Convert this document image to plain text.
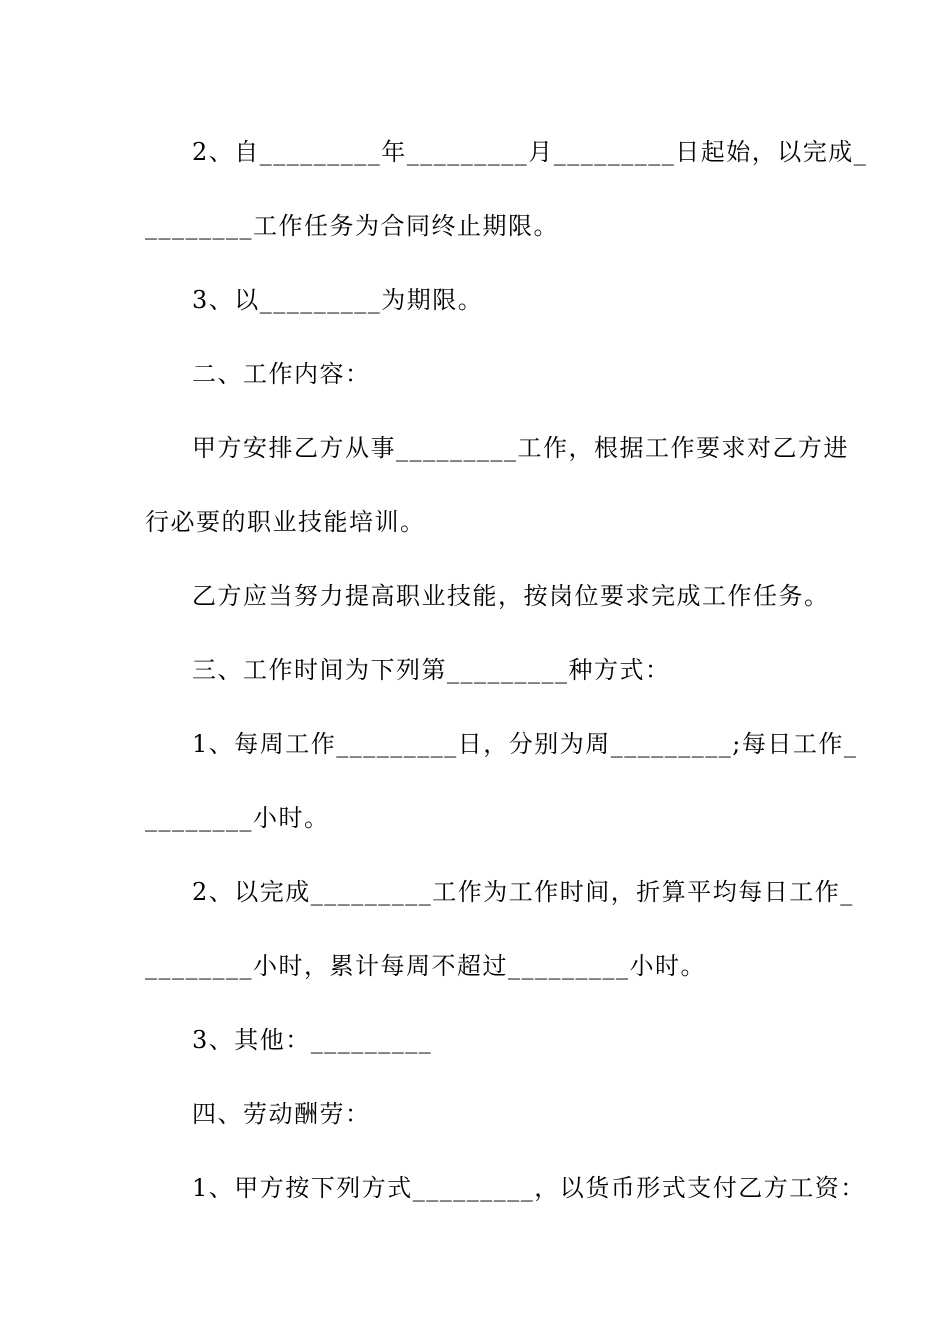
2、自_________年_________月_________日起始，以完成_
________工作任务为合同终止期限。
3、以_________为期限。
二、工作内容：
甲方安排乙方从事_________工作，根据工作要求对乙方进
行必要的职业技能培训。
乙方应当努力提高职业技能，按岗位要求完成工作任务。
三、工作时间为下列第_________种方式：
1、每周工作_________日，分别为周_________;每日工作_
________小时。
2、以完成_________工作为工作时间，折算平均每日工作_
________小时，累计每周不超过_________小时。
3、其他：_________
四、劳动酬劳：
1、甲方按下列方式_________，以货币形式支付乙方工资：
